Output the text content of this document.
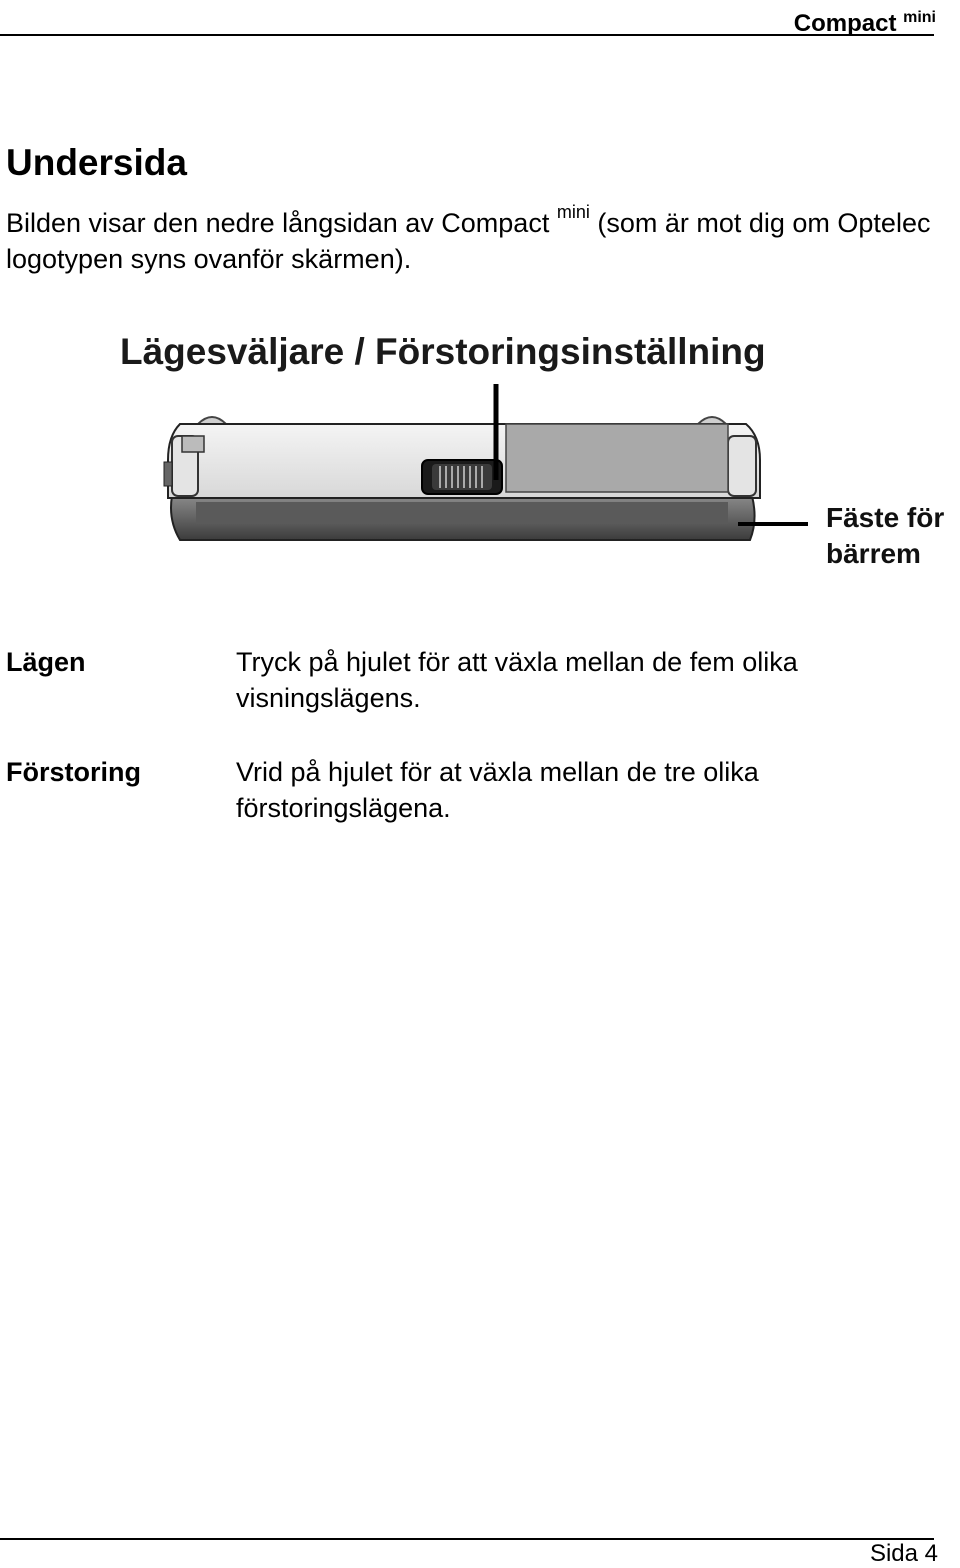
Compact $^{mini}$
Undersida

Bilden visar den nedre långsidan av Compact $^{mini}$ (som är mot dig om Optelec logotypen syns ovanför skärmen).

Lägesväljare / Förstoringsinställning
Fäste för
bärrem
Lägen	Tryck på hjulet för att växla mellan de fem olika visningslägens.

Förstoring	Vrid på hjulet för at växla mellan de tre olika förstoringslägena.

Sida 4
